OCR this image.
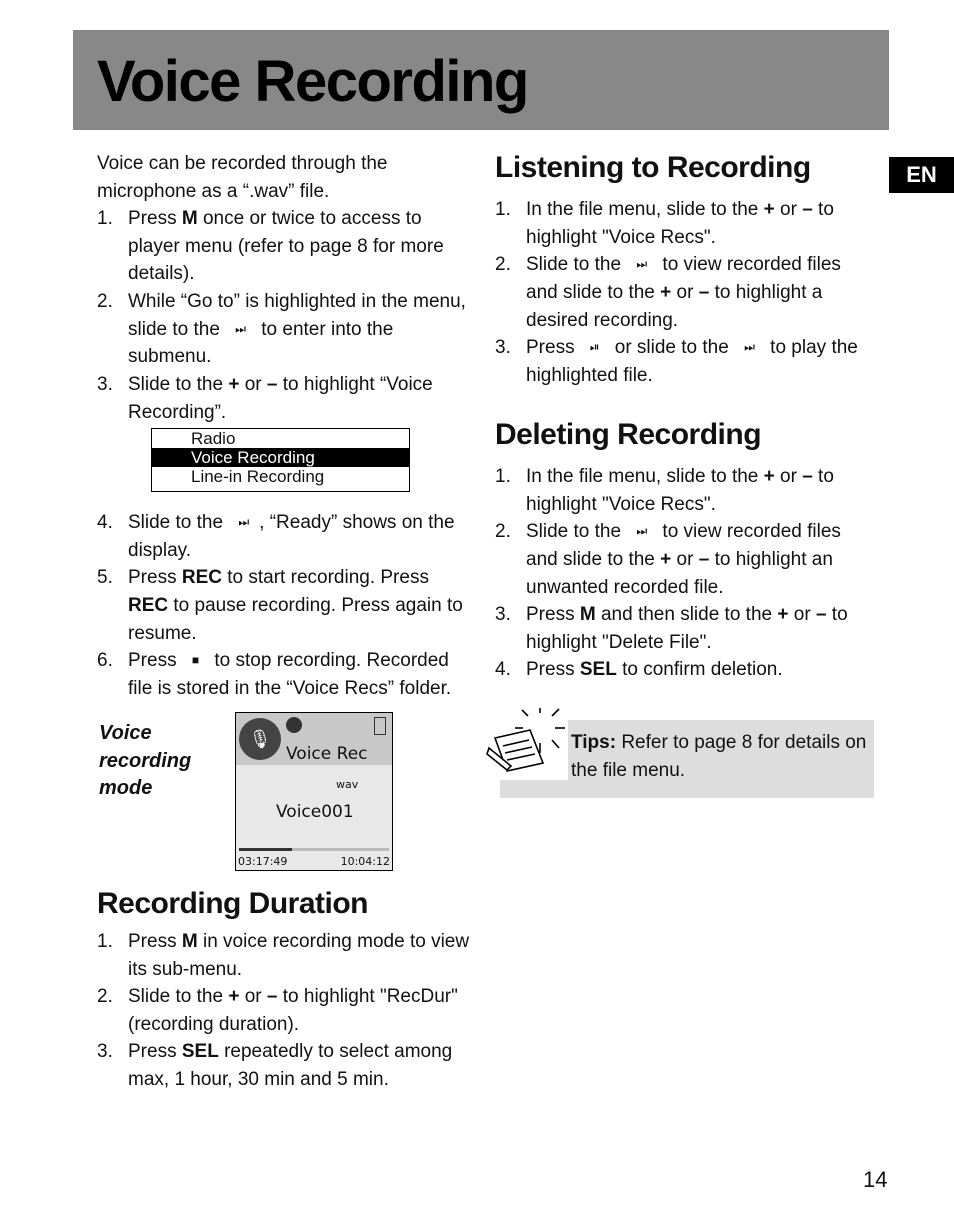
Voice Recording
EN

Voice can be recorded through the microphone as a “.wav” file.

1. Press M once or twice to access to player menu (refer to page 8 for more details).
2. While “Go to” is highlighted in the menu, slide to the ⏭ to enter into the submenu.
3. Slide to the + or – to highlight “Voice Recording”.
Radio
Voice Recording
Line-in Recording
4. Slide to the ⏭ , “Ready” shows on the display.
5. Press REC to start recording. Press REC to pause recording. Press again to resume.
6. Press ■ to stop recording. Recorded file is stored in the “Voice Recs” folder.
Voice
recording
mode
🎙
Voice Rec
wav
Voice001
03:17:49	10:04:12
Recording Duration
1. Press M in voice recording mode to view its sub-menu.
2. Slide to the + or – to highlight "RecDur" (recording duration).
3. Press SEL repeatedly to select among max, 1 hour, 30 min and 5 min.
Listening to Recording
1. In the file menu, slide to the + or – to highlight "Voice Recs".
2. Slide to the ⏭ to view recorded files and slide to the + or – to highlight a desired recording.
3. Press ⏯ or slide to the ⏭ to play the highlighted file.
Deleting Recording
1. In the file menu, slide to the + or – to highlight "Voice Recs".
2. Slide to the ⏭ to view recorded files and slide to the + or – to highlight an unwanted recorded file.
3. Press M and then slide to the + or – to highlight "Delete File".
4. Press SEL to confirm deletion.
Tips: Refer to page 8 for details on the file menu.
14
